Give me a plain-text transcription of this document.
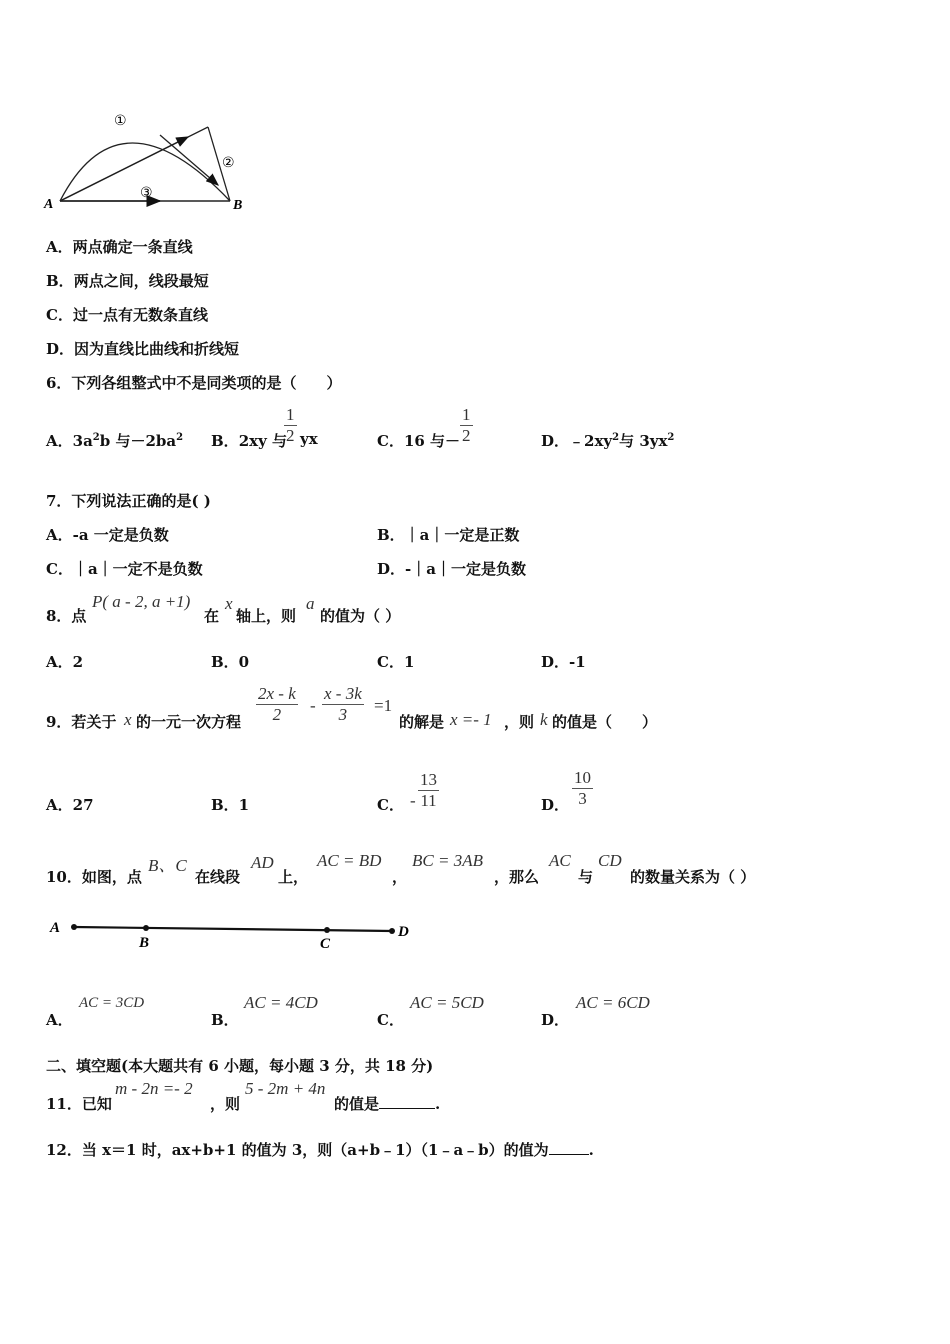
A	B
①
②
③
A．两点确定一条直线
B．两点之间，线段最短
C．过一点有无数条直线
D．因为直线比曲线和折线短
6．下列各组整式中不是同类项的是（　　）
A．$3a^2b$ 与$-2ba^2$ B．2xy 与
$\frac{1}{2}$ yx	C．16 与－ $\frac{1}{2}$	D．$﹣2xy^2$与 $3yx^2$
7．下列说法正确的是( )
A．-a 一定是负数	B．｜a｜一定是正数
C．｜a｜一定不是负数	D．-｜a｜一定是负数
8．点
P( a - 2, a +1)
在
x
轴上，则
a
的值为（ ）
A．2	B．0	C．1	D．-1
9．若关于 x 的一元一次方程 $\frac{2x - k}{2} - \frac{x - 3k}{3} =1$
的解是 x =- 1 ，则 k 的值是（　　）
A．27	B．1	C． - $\frac{13}{11}$	D． $\frac{10}{3}$
10．如图，点
B、C
在线段
AD
上，
AC = BD
，
BC = 3AB
，那么
AC
与
CD
的数量关系为（ ）
A
B	C
D
A．
AC = 3CD
B．
AC = 4CD
C．
AC = 5CD
D．
AC = 6CD
二、填空题(本大题共有 6 小题，每小题 3 分，共 18 分)
11．已知
m - 2n =- 2
，则
5 - 2m + 4n
的值是	.
12．当 x＝1 时，ax+b+1 的值为 3，则（a+b﹣1）（1﹣a﹣b）的值为	.
